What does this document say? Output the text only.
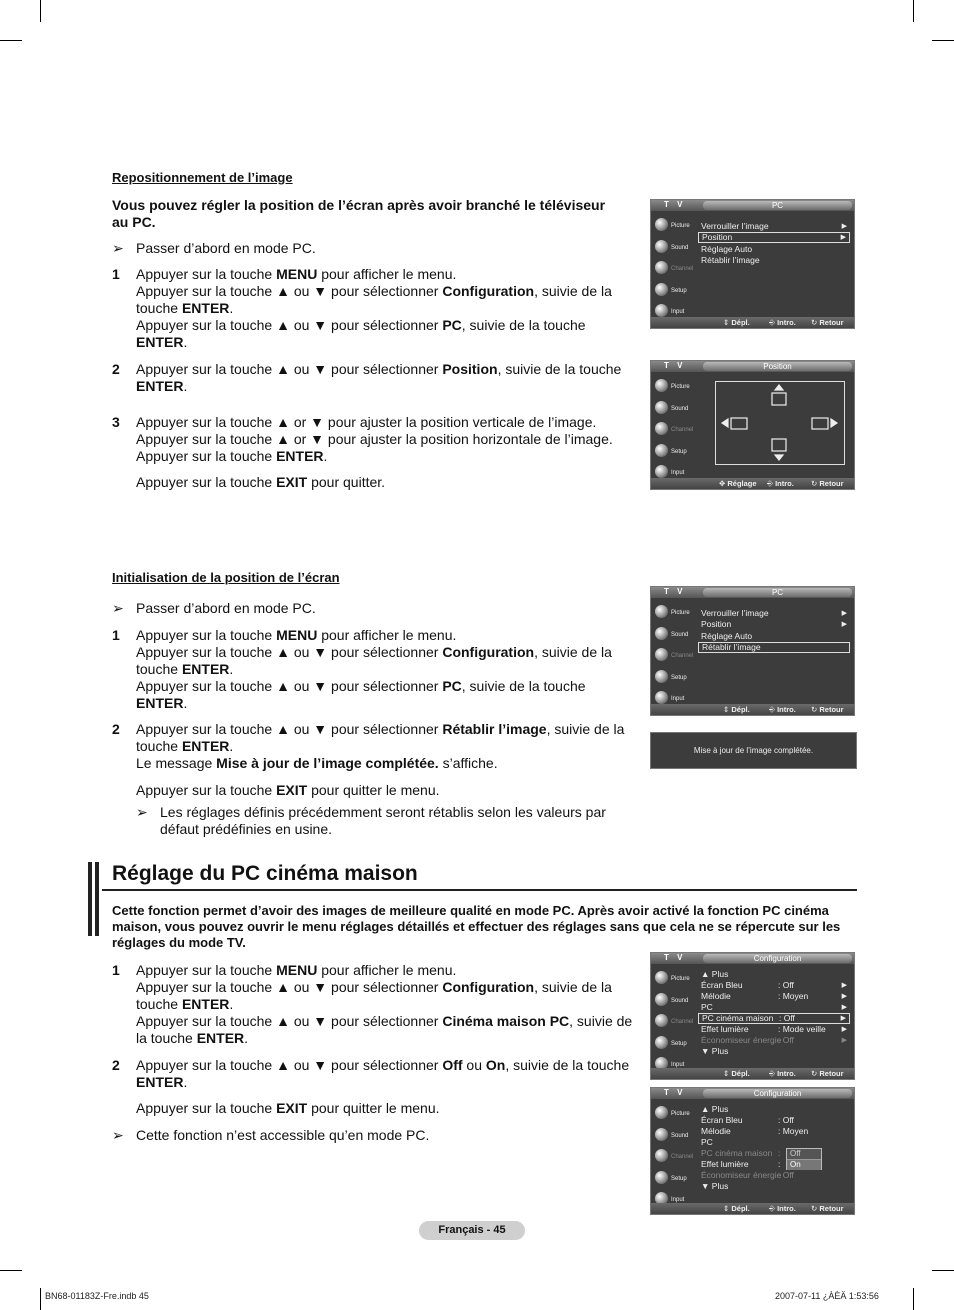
Repositionnement de l’image
Vous pouvez régler la position de l’écran après avoir branché le téléviseur au PC.
➢ Passer d’abord en mode PC.
1 Appuyer sur la touche MENU pour afficher le menu.
Appuyer sur la touche ▲ ou ▼ pour sélectionner Configuration, suivie de la
touche ENTER.
Appuyer sur la touche ▲ ou ▼ pour sélectionner PC, suivie de la touche
ENTER.
2 Appuyer sur la touche ▲ ou ▼ pour sélectionner Position, suivie de la touche
ENTER.
3 Appuyer sur la touche ▲ or ▼ pour ajuster la position verticale de l’image.
Appuyer sur la touche ▲ or ▼ pour ajuster la position horizontale de l’image.
Appuyer sur la touche ENTER.
Appuyer sur la touche EXIT pour quitter.
T V	PC
Picture
Sound
Channel
Setup
Input
Verrouiller l’image	▶
Position	▶
Réglage Auto
Rétablir l’image
⇕ Dépl.	⎆ Intro. ↻ Retour
T V	Position
Picture
Sound
Channel
Setup
Input
✥ Réglage ⎆ Intro. ↻ Retour
Initialisation de la position de l’écran
➢ Passer d’abord en mode PC.
1 Appuyer sur la touche MENU pour afficher le menu.
Appuyer sur la touche ▲ ou ▼ pour sélectionner Configuration, suivie de la
touche ENTER.
Appuyer sur la touche ▲ ou ▼ pour sélectionner PC, suivie de la touche
ENTER.
2 Appuyer sur la touche ▲ ou ▼ pour sélectionner Rétablir l’image, suivie de la
touche ENTER.
Le message Mise à jour de l’image complétée. s’affiche.
Appuyer sur la touche EXIT pour quitter le menu.
➢ Les réglages définis précédemment seront rétablis selon les valeurs par
défaut prédéfinies en usine.
T V	PC
Picture
Sound
Channel
Setup
Input
Verrouiller l’image	▶
Position	▶
Réglage Auto
Rétablir l’image
⇕ Dépl.	⎆ Intro. ↻ Retour
Mise à jour de l’image complétée.
Réglage du PC cinéma maison
Cette fonction permet d’avoir des images de meilleure qualité en mode PC. Après avoir activé la fonction PC cinéma
maison, vous pouvez ouvrir le menu réglages détaillés et effectuer des réglages sans que cela ne se répercute sur les
réglages du mode TV.
1 Appuyer sur la touche MENU pour afficher le menu.
Appuyer sur la touche ▲ ou ▼ pour sélectionner Configuration, suivie de la
touche ENTER.
Appuyer sur la touche ▲ ou ▼ pour sélectionner Cinéma maison PC, suivie de
la touche ENTER.
2 Appuyer sur la touche ▲ ou ▼ pour sélectionner Off ou On, suivie de la touche
ENTER.
Appuyer sur la touche EXIT pour quitter le menu.
➢ Cette fonction n’est accessible qu’en mode PC.
T V	Configuration
Picture
Sound
Channel
Setup
Input
▲ Plus
Écran Bleu	: Off	▶
Mélodie	: Moyen	▶
PC	▶
PC cinéma maison : Off	▶
Effet lumière	: Mode veille ▶
Économiseur énergie
: Off	▶
▼ Plus
⇕ Dépl.	⎆ Intro. ↻ Retour
T V	Configuration
Picture
Sound
Channel
Setup
Input
▲ Plus
Écran Bleu	: Off
Mélodie	: Moyen
PC
PC cinéma maison :
Effet lumière	:
Économiseur énergie
: Off
▼ Plus
Off
On
⇕ Dépl.	⎆ Intro. ↻ Retour
Français - 45
BN68-01183Z-Fre.indb 45	2007-07-11 ¿ÀÈÄ 1:53:56
